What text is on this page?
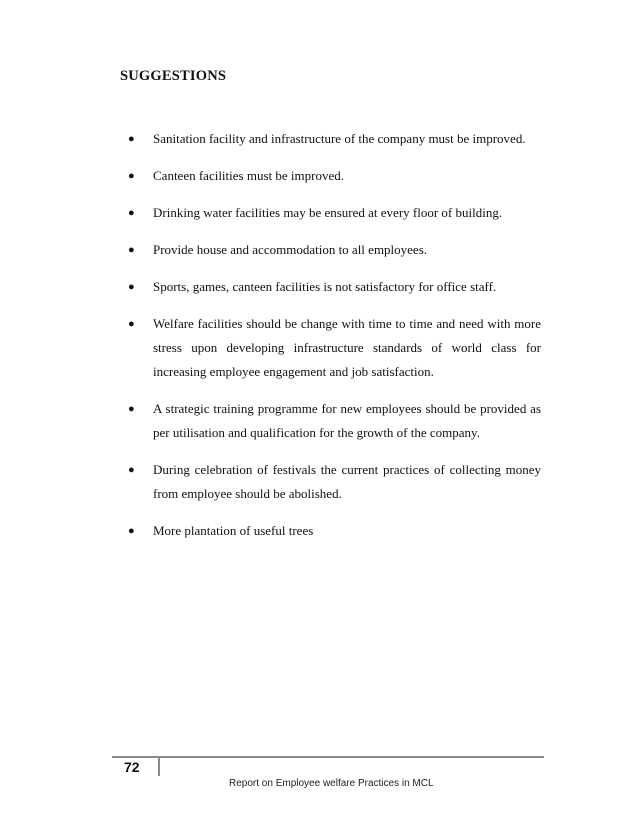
SUGGESTIONS
● Sanitation facility and infrastructure of the company must be improved.
● Canteen facilities must be improved.
● Drinking water facilities may be ensured at every floor of building.
● Provide house and accommodation to all employees.
● Sports, games, canteen facilities is not satisfactory for office staff.
● Welfare facilities should be change with time to time and need with more stress upon developing infrastructure standards of world class for increasing employee engagement and job satisfaction.
● A strategic training programme for new employees should be provided as per utilisation and qualification for the growth of the company.
● During celebration of festivals the current practices of collecting money from employee should be abolished.
● More plantation of useful trees
72
Report on Employee welfare Practices in MCL
